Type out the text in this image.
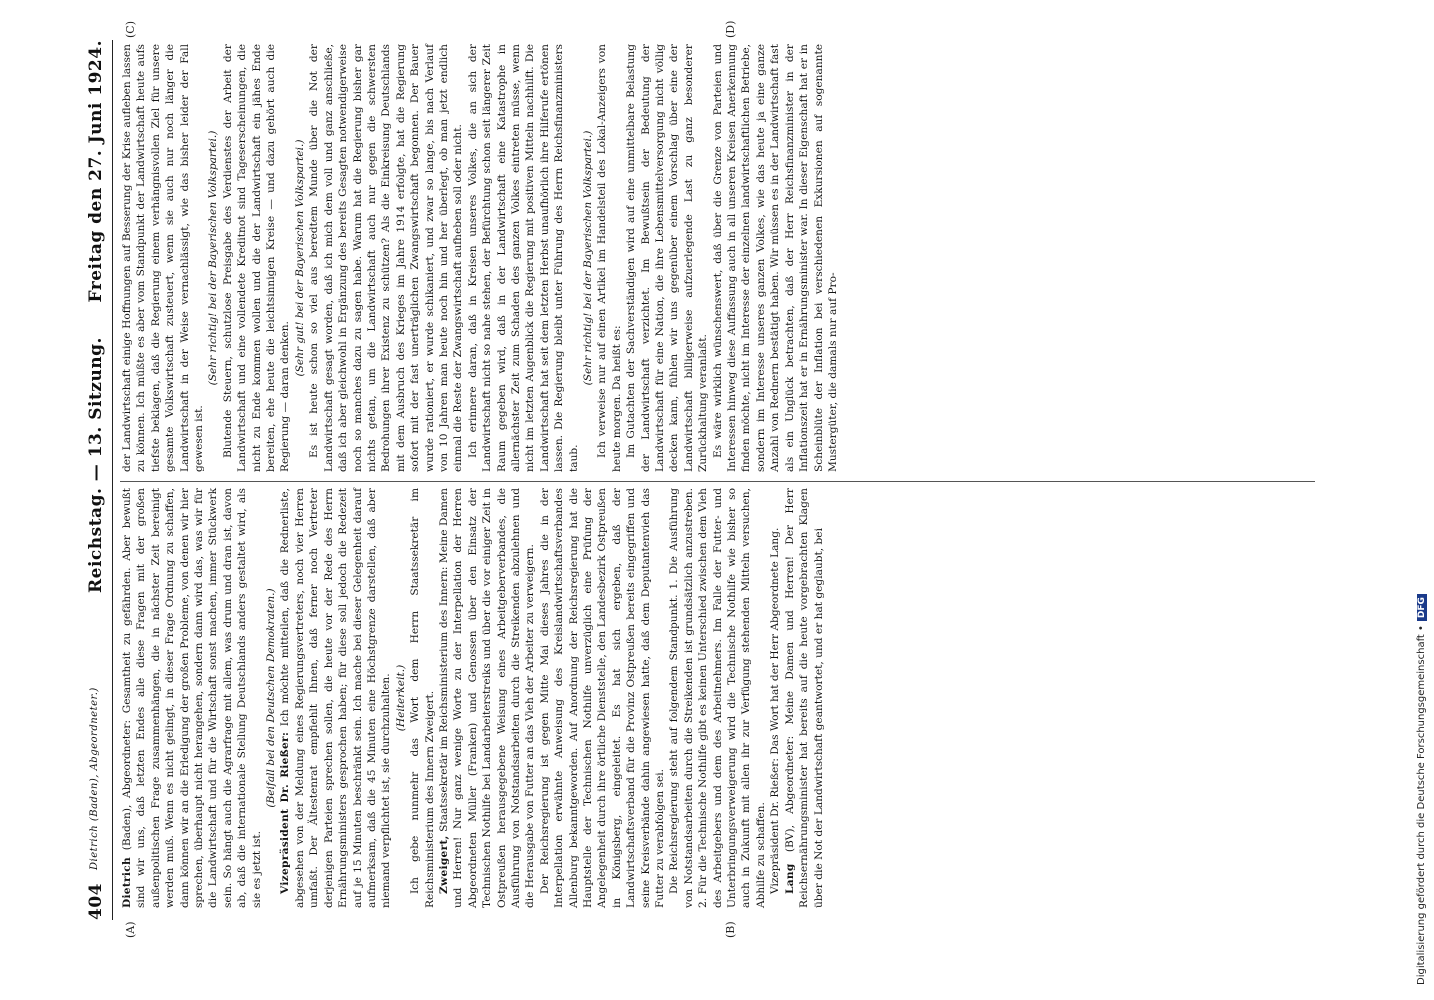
404
Dietrich (Baden), Abgeordneter.)
Reichstag. — 13. Sitzung.
Freitag den 27. Juni 1924.

Dietrich (Baden), Abgeordneter: Gesamtheit zu gefährden. Aber bewußt sind wir uns, daß letzten Endes alle diese Fragen mit der großen außenpolitischen Frage zusammenhängen, die in nächster Zeit bereinigt werden muß. Wenn es nicht gelingt, in dieser Frage Ordnung zu schaffen, dann können wir an die Erledigung der großen Probleme, von denen wir hier sprechen, überhaupt nicht herangehen, sondern dann wird das, was wir für die Landwirtschaft und für die Wirtschaft sonst machen, immer Stückwerk sein. So hängt auch die Agrarfrage mit allem, was drum und dran ist, davon ab, daß die internationale Stellung Deutschlands anders gestaltet wird, als sie es jetzt ist.

(Beifall bei den Deutschen Demokraten.)

Vizepräsident Dr. Rießer: Ich möchte mitteilen, daß die Rednerliste, abgesehen von der Meldung eines Regierungsvertreters, noch vier Herren umfaßt. Der Ältestenrat empfiehlt Ihnen, daß ferner noch Vertreter derjenigen Parteien sprechen sollen, die heute vor der Rede des Herrn Ernährungsministers gesprochen haben; für diese soll jedoch die Redezeit auf je 15 Minuten beschränkt sein. Ich mache bei dieser Gelegenheit darauf aufmerksam, daß die 45 Minuten eine Höchstgrenze darstellen, daß aber niemand verpflichtet ist, sie durchzuhalten. (Heiterkeit.) Ich gebe nunmehr das Wort dem Herrn Staatssekretär im Reichsministerium des Innern Zweigert. Zweigert, Staatssekretär im Reichsministerium des Innern: Meine Damen und Herren! Nur ganz wenige Worte zu der Interpellation der Herren Abgeordneten Müller (Franken) und Genossen über den Einsatz der Technischen Nothilfe bei Landarbeiterstreiks und über die vor einiger Zeit in Ostpreußen herausgegebene Weisung eines Arbeitgeberverbandes, die Ausführung von Notstandsarbeiten durch die Streikenden abzulehnen und die Herausgabe von Futter an das Vieh der Arbeiter zu verweigern. Der Reichsregierung ist gegen Mitte Mai dieses Jahres die in der Interpellation erwähnte Anweisung des Kreislandwirtschaftsverbandes Allenburg bekanntgeworden. Auf Anordnung der Reichsregierung hat die Hauptstelle der Technischen Nothilfe unverzüglich eine Prüfung der Angelegenheit durch ihre örtliche Dienststelle, den Landesbezirk Ostpreußen in Königsberg, eingeleitet. Es hat sich ergeben, daß der Landwirtschaftsverband für die Provinz Ostpreußen bereits eingegriffen und seine Kreisverbände dahin angewiesen hatte, daß dem Deputantenvieh das Futter zu verabfolgen sei. Die Reichsregierung steht auf folgendem Standpunkt. 1. Die Ausführung von Notstandsarbeiten durch die Streikenden ist grundsätzlich anzustreben. 2. Für die Technische Nothilfe gibt es keinen Unterschied zwischen dem Vieh des Arbeitgebers und dem des Arbeitnehmers. Im Falle der Futter- und Unterbringungsverweigerung wird die Technische Nothilfe wie bisher so auch in Zukunft mit allen ihr zur Verfügung stehenden Mitteln versuchen, Abhilfe zu schaffen. Vizepräsident Dr. Rießer: Das Wort hat der Herr Abgeordnete Lang. Lang (BV), Abgeordneter: Meine Damen und Herren! Der Herr Reichsernährungsminister hat bereits auf die heute vorgebrachten Klagen über die Not der Landwirtschaft geantwortet, und er hat geglaubt, bei

der Landwirtschaft einige Hoffnungen auf Besserung der Krise aufleben lassen zu können. Ich müßte es aber vom Standpunkt der Landwirtschaft heute aufs tiefste beklagen, daß die Regierung einem verhängnisvollen Ziel für unsere gesamte Volkswirtschaft zusteuert, wenn sie auch nur noch länger die Landwirtschaft in der Weise vernachlässigt, wie das bisher leider der Fall gewesen ist.

(Sehr richtig! bei der Bayerischen Volkspartei.) Blutende Steuern, schutzlose Preisgabe des Verdienstes der Arbeit der Landwirtschaft und eine vollendete Kreditnot sind Tageserscheinungen, die nicht zu Ende kommen wollen und die der Landwirtschaft ein jähes Ende bereiten, ehe heute die leichtsinnigen Kreise — und dazu gehört auch die Regierung — daran denken.

(Sehr gut! bei der Bayerischen Volkspartei.) Es ist heute schon so viel aus beredtem Munde über die Not der Landwirtschaft gesagt worden, daß ich mich dem voll und ganz anschließe, daß ich aber gleichwohl in Ergänzung des bereits Gesagten notwendigerweise noch so manches dazu zu sagen habe. Warum hat die Regierung bisher gar nichts getan, um die Landwirtschaft auch nur gegen die schwersten Bedrohungen ihrer Existenz zu schützen? Als die Einkreisung Deutschlands mit dem Ausbruch des Krieges im Jahre 1914 erfolgte, hat die Regierung sofort mit der fast unerträglichen Zwangswirtschaft begonnen. Der Bauer wurde rationiert, er wurde schikaniert, und zwar so lange, bis nach Verlauf von 10 Jahren man heute noch hin und her überlegt, ob man jetzt endlich einmal die Reste der Zwangswirtschaft aufheben soll oder nicht. Ich erinnere daran, daß in Kreisen unseres Volkes, die an sich der Landwirtschaft nicht so nahe stehen, der Befürchtung schon seit längerer Zeit Raum gegeben wird, daß in der Landwirtschaft eine Katastrophe in allernächster Zeit zum Schaden des ganzen Volkes eintreten müsse, wenn nicht im letzten Augenblick die Regierung mit positiven Mitteln nachhilft. Die Landwirtschaft hat seit dem letzten Herbst unaufhörlich ihre Hilferufe ertönen lassen. Die Regierung bleibt unter Führung des Herrn Reichsfinanzministers taub.

(Sehr richtig! bei der Bayerischen Volkspartei.) Ich verweise nur auf einen Artikel im Handelsteil des Lokal-Anzeigers von heute morgen. Da heißt es: Im Gutachten der Sachverständigen wird auf eine unmittelbare Belastung der Landwirtschaft verzichtet. Im Bewußtsein der Bedeutung der Landwirtschaft für eine Nation, die ihre Lebensmittelversorgung nicht völlig decken kann, fühlen wir uns gegenüber einem Vorschlag über eine der Landwirtschaft billigerweise aufzuerlegende Last zu ganz besonderer Zurückhaltung veranlaßt. Es wäre wirklich wünschenswert, daß über die Grenze von Parteien und Interessen hinweg diese Auffassung auch in all unseren Kreisen Anerkennung finden möchte, nicht im Interesse der einzelnen landwirtschaftlichen Betriebe, sondern im Interesse unseres ganzen Volkes, wie das heute ja eine ganze Anzahl von Rednern bestätigt haben. Wir müssen es in der Landwirtschaft fast als ein Unglück betrachten, daß der Herr Reichsfinanzminister in der Inflationszeit hat er in Ernährungsminister war. In dieser Eigenschaft hat er in Scheinblüte der Inflation bei verschiedenen Exkursionen auf sogenannte Mustergüter, die damals nur auf Pro-

(A)	(B)
(C)	(D)
Digitalisierung gefördert durch die Deutsche Forschungsgemeinschaft •DFG
